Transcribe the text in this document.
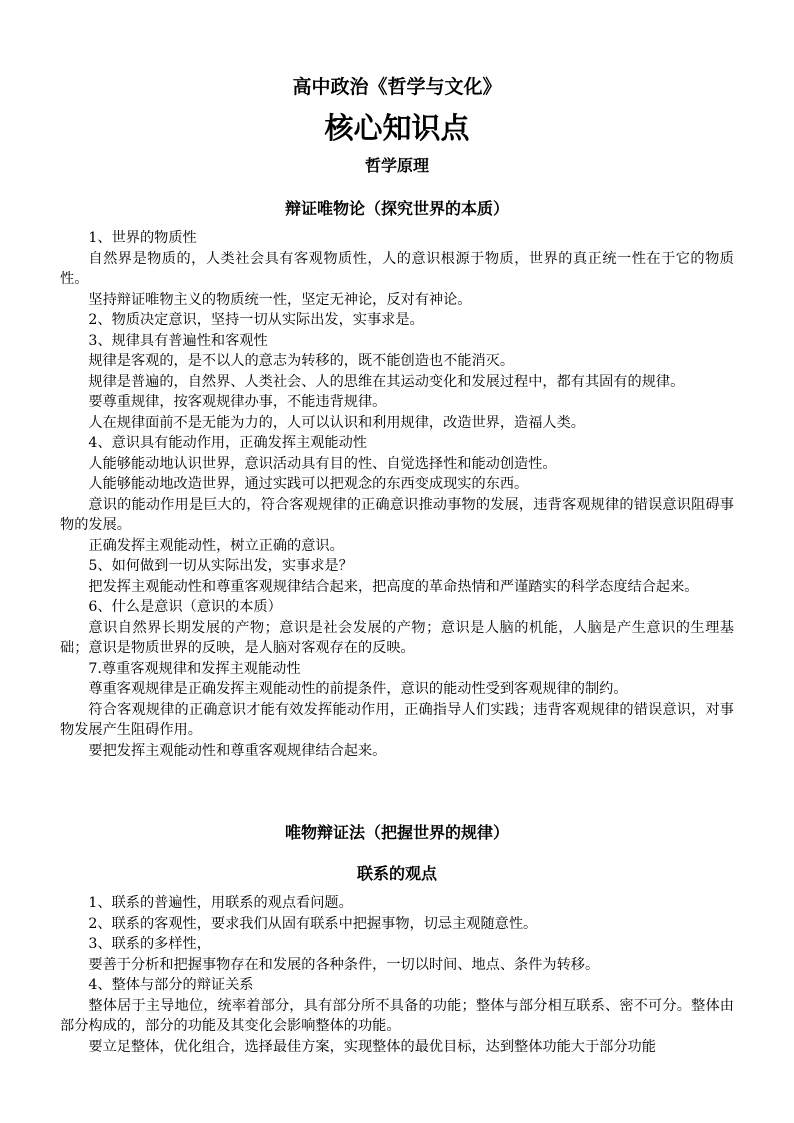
高中政治《哲学与文化》
核心知识点
哲学原理
辩证唯物论（探究世界的本质）

1、世界的物质性

自然界是物质的，人类社会具有客观物质性，人的意识根源于物质，世界的真正统一性在于它的物质性。

坚持辩证唯物主义的物质统一性，坚定无神论，反对有神论。

2、物质决定意识，坚持一切从实际出发，实事求是。

3、规律具有普遍性和客观性

规律是客观的，是不以人的意志为转移的，既不能创造也不能消灭。

规律是普遍的，自然界、人类社会、人的思维在其运动变化和发展过程中，都有其固有的规律。

要尊重规律，按客观规律办事，不能违背规律。

人在规律面前不是无能为力的，人可以认识和利用规律，改造世界，造福人类。

4、意识具有能动作用，正确发挥主观能动性

人能够能动地认识世界，意识活动具有目的性、自觉选择性和能动创造性。

人能够能动地改造世界，通过实践可以把观念的东西变成现实的东西。

意识的能动作用是巨大的，符合客观规律的正确意识推动事物的发展，违背客观规律的错误意识阻碍事物的发展。

正确发挥主观能动性，树立正确的意识。

5、如何做到一切从实际出发，实事求是？

把发挥主观能动性和尊重客观规律结合起来，把高度的革命热情和严谨踏实的科学态度结合起来。

6、什么是意识（意识的本质）

意识自然界长期发展的产物；意识是社会发展的产物；意识是人脑的机能，人脑是产生意识的生理基础；意识是物质世界的反映，是人脑对客观存在的反映。

7.尊重客观规律和发挥主观能动性

尊重客观规律是正确发挥主观能动性的前提条件，意识的能动性受到客观规律的制约。

符合客观规律的正确意识才能有效发挥能动作用，正确指导人们实践；违背客观规律的错误意识，对事物发展产生阻碍作用。

要把发挥主观能动性和尊重客观规律结合起来。

唯物辩证法（把握世界的规律）
联系的观点

1、联系的普遍性，用联系的观点看问题。

2、联系的客观性，要求我们从固有联系中把握事物，切忌主观随意性。

3、联系的多样性，

要善于分析和把握事物存在和发展的各种条件，一切以时间、地点、条件为转移。

4、整体与部分的辩证关系

整体居于主导地位，统率着部分，具有部分所不具备的功能；整体与部分相互联系、密不可分。整体由部分构成的，部分的功能及其变化会影响整体的功能。

要立足整体，优化组合，选择最佳方案，实现整体的最优目标，达到整体功能大于部分功能
